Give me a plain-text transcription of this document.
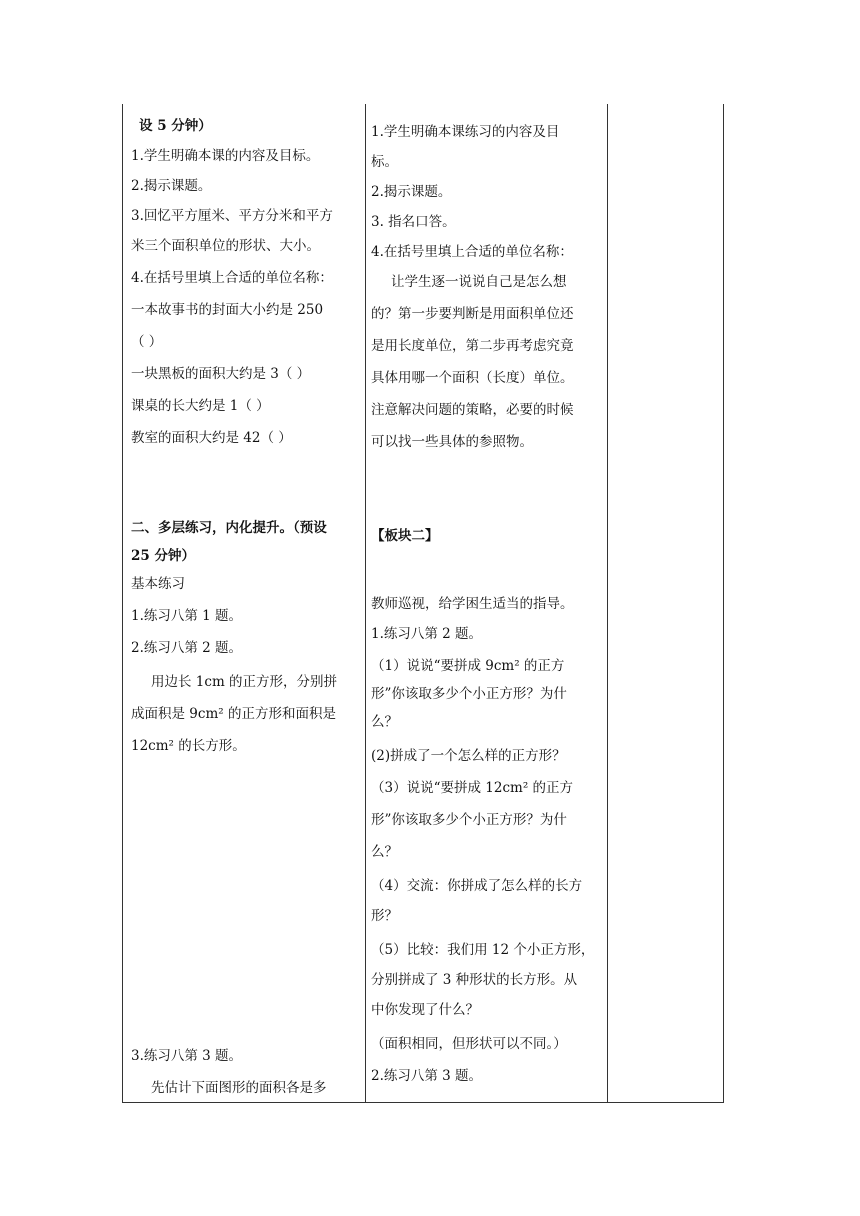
设 5 分钟）
1.学生明确本课的内容及目标。
2.揭示课题。
3.回忆平方厘米、平方分米和平方
米三个面积单位的形状、大小。
4.在括号里填上合适的单位名称：
一本故事书的封面大小约是 250
（ ）
一块黑板的面积大约是 3（ ）
课桌的长大约是 1（ ）
教室的面积大约是 42（ ）
二、多层练习，内化提升。（预设
25 分钟）
基本练习
1.练习八第 1 题。
2.练习八第 2 题。
用边长 1cm 的正方形，分别拼
成面积是 9cm² 的正方形和面积是
12cm² 的长方形。
3.练习八第 3 题。
先估计下面图形的面积各是多
1.学生明确本课练习的内容及目
标。
2.揭示课题。
3. 指名口答。
4.在括号里填上合适的单位名称：
让学生逐一说说自己是怎么想
的？第一步要判断是用面积单位还
是用长度单位，第二步再考虑究竟
具体用哪一个面积（长度）单位。
注意解决问题的策略，必要的时候
可以找一些具体的参照物。
【板块二】
教师巡视，给学困生适当的指导。
1.练习八第 2 题。
（1）说说“要拼成 9cm² 的正方
形”你该取多少个小正方形？为什
么？
(2)拼成了一个怎么样的正方形？
（3）说说“要拼成 12cm² 的正方
形”你该取多少个小正方形？为什
么？
（4）交流：你拼成了怎么样的长方
形？
（5）比较：我们用 12 个小正方形，
分别拼成了 3 种形状的长方形。从
中你发现了什么？
（面积相同，但形状可以不同。）
2.练习八第 3 题。
